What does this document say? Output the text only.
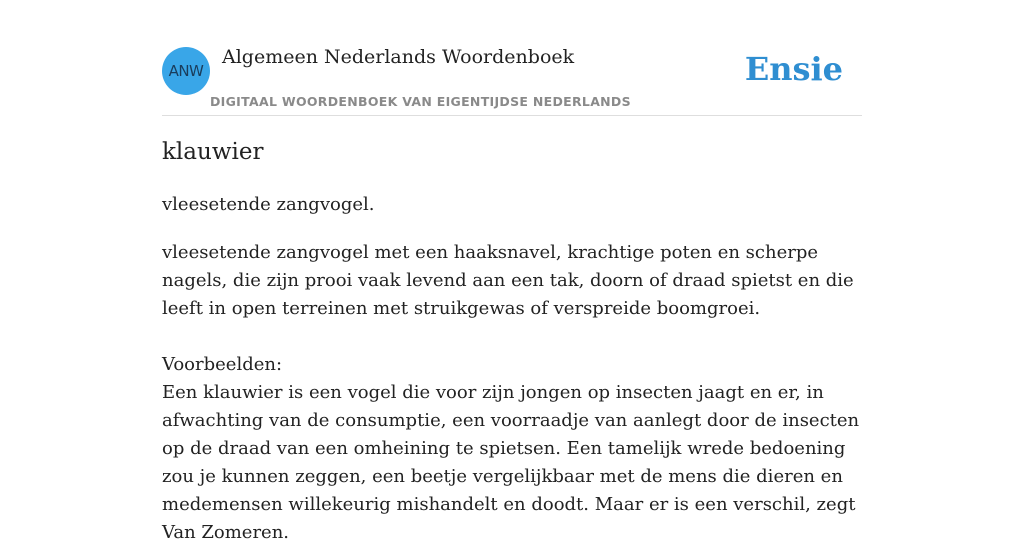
ANW
Algemeen Nederlands Woordenboek
DIGITAAL WOORDENBOEK VAN EIGENTIJDSE NEDERLANDS
Ensie
klauwier
vleesetende zangvogel.

vleesetende zangvogel met een haaksnavel, krachtige poten en scherpe nagels, die zijn prooi vaak levend aan een tak, doorn of draad spietst en die leeft in open terreinen met struikgewas of verspreide boomgroei.

Voorbeelden:

Een klauwier is een vogel die voor zijn jongen op insecten jaagt en er, in afwachting van de consumptie, een voorraadje van aanlegt door de insecten op de draad van een omheining te spietsen. Een tamelijk wrede bedoening zou je kunnen zeggen, een beetje vergelijkbaar met de mens die dieren en medemensen willekeurig mishandelt en doodt. Maar er is een verschil, zegt Van Zomeren.
